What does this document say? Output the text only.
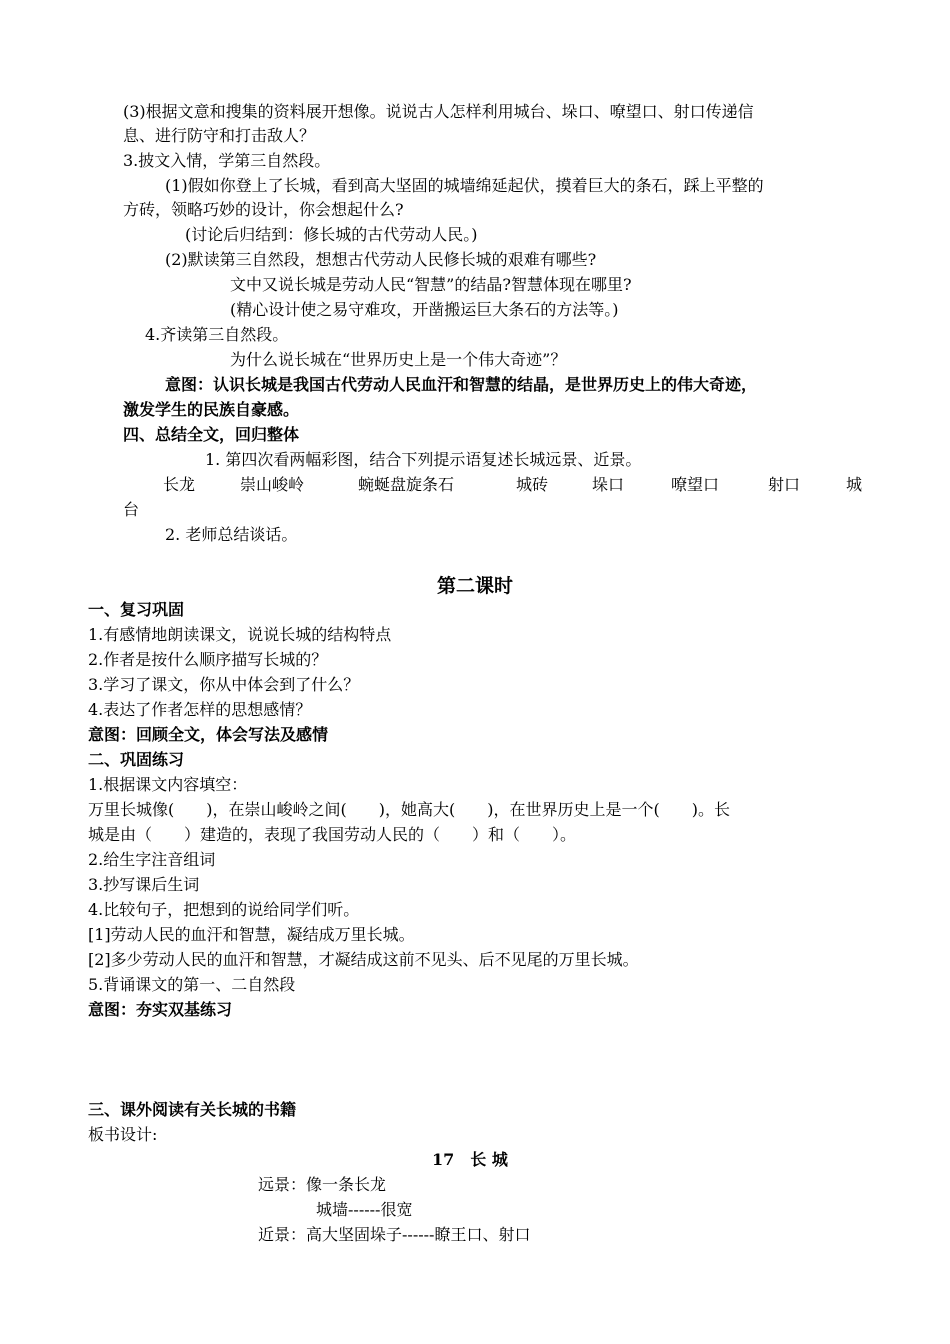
(3)根据文意和搜集的资料展开想像。说说古人怎样利用城台、垛口、嘹望口、射口传递信
息、进行防守和打击敌人？
3.披文入情，学第三自然段。
(1)假如你登上了长城，看到高大坚固的城墙绵延起伏，摸着巨大的条石，踩上平整的
方砖，领略巧妙的设计，你会想起什么?
(讨论后归结到：修长城的古代劳动人民。)
(2)默读第三自然段，想想古代劳动人民修长城的艰难有哪些?
文中又说长城是劳动人民“智慧”的结晶?智慧体现在哪里?
(精心设计使之易守难攻，开凿搬运巨大条石的方法等。)
4.齐读第三自然段。
为什么说长城在“世界历史上是一个伟大奇迹”？
意图：认识长城是我国古代劳动人民血汗和智慧的结晶，是世界历史上的伟大奇迹，
激发学生的民族自豪感。
四、总结全文，回归整体
1. 第四次看两幅彩图，结合下列提示语复述长城远景、近景。
长龙	崇山峻岭	蜿蜒盘旋条石	城砖	垛口	嘹望口	射口	城
台
2. 老师总结谈话。
第二课时
一、复习巩固
1.有感情地朗读课文，说说长城的结构特点
2.作者是按什么顺序描写长城的？
3.学习了课文，你从中体会到了什么？
4.表达了作者怎样的思想感情？
意图：回顾全文，体会写法及感情
二、巩固练习
1.根据课文内容填空：
万里长城像(　　)，在崇山峻岭之间(　　)，她高大(　　)，在世界历史上是一个(　　)。长
城是由（　　）建造的，表现了我国劳动人民的（　　）和（　　）。
2.给生字注音组词
3.抄写课后生词
4.比较句子，把想到的说给同学们听。
[1]劳动人民的血汗和智慧，凝结成万里长城。
[2]多少劳动人民的血汗和智慧，才凝结成这前不见头、后不见尾的万里长城。
5.背诵课文的第一、二自然段
意图：夯实双基练习
三、课外阅读有关长城的书籍
板书设计:
17　长 城
远景：像一条长龙
城墙------很宽
近景：高大坚固垛子------瞭王口、射口
